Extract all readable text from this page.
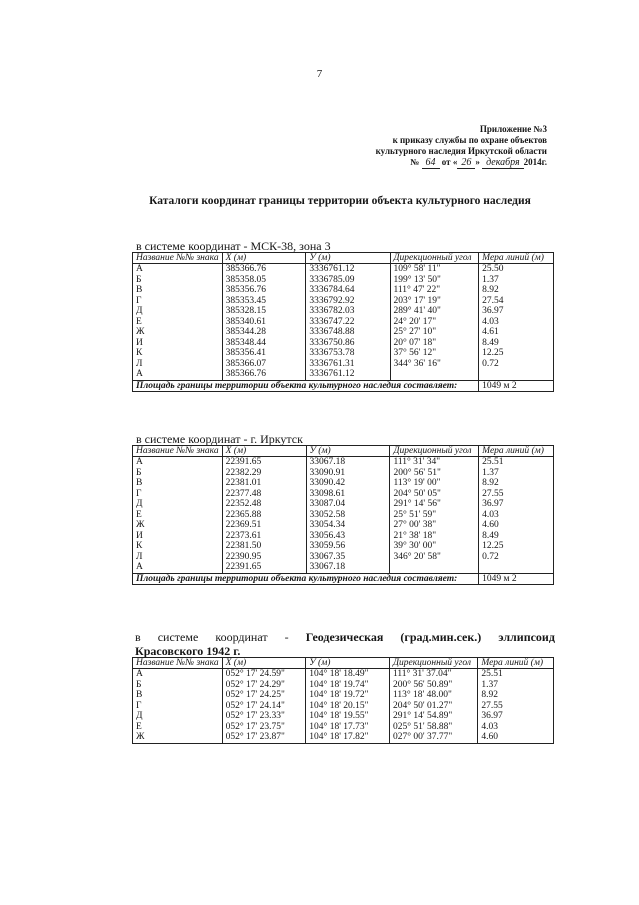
7
Приложение №3
к приказу службы по охране объектов
культурного наследия Иркутской области
№ 64 от « 26 » декабря 2014г.
Каталоги координат границы территории объекта культурного наследия
в системе координат - МСК-38, зона 3
Название №№ знака	X (м)	У (м)	Дирекционный угол	Мера линий (м)
А	385366.76	3336761.12	109° 58' 11"	25.50
Б	385358.05	3336785.09	199° 13' 50"	1.37
В	385356.76	3336784.64	111° 47' 22"	8.92
Г	385353.45	3336792.92	203° 17' 19"	27.54
Д	385328.15	3336782.03	289° 41' 40"	36.97
Е	385340.61	3336747.22	24° 20' 17"	4.03
Ж	385344.28	3336748.88	25° 27' 10"	4.61
И	385348.44	3336750.86	20° 07' 18"	8.49
К	385356.41	3336753.78	37° 56' 12"	12.25
Л	385366.07	3336761.31	344° 36' 16"	0.72
А	385366.76	3336761.12		
Площадь границы территории объекта культурного наследия составляет:				1049 м 2
в системе координат - г. Иркутск
Название №№ знака	X (м)	У (м)	Дирекционный угол	Мера линий (м)
А	22391.65	33067.18	111° 31' 34"	25.51
Б	22382.29	33090.91	200° 56' 51"	1.37
В	22381.01	33090.42	113° 19' 00"	8.92
Г	22377.48	33098.61	204° 50' 05"	27.55
Д	22352.48	33087.04	291° 14' 56"	36.97
Е	22365.88	33052.58	25° 51' 59"	4.03
Ж	22369.51	33054.34	27° 00' 38"	4.60
И	22373.61	33056.43	21° 38' 18"	8.49
К	22381.50	33059.56	39° 30' 00"	12.25
Л	22390.95	33067.35	346° 20' 58"	0.72
А	22391.65	33067.18		
Площадь границы территории объекта культурного наследия составляет:				1049 м 2
в системе координат - Геодезическая (град.мин.сек.) эллипсоид
Красовского 1942 г.
Название №№ знака	X (м)	У (м)	Дирекционный угол	Мера линий (м)
А	052° 17' 24.59"	104° 18' 18.49"	111° 31' 37.04"	25.51
Б	052° 17' 24.29"	104° 18' 19.74"	200° 56' 50.89"	1.37
В	052° 17' 24.25"	104° 18' 19.72"	113° 18' 48.00"	8.92
Г	052° 17' 24.14"	104° 18' 20.15"	204° 50' 01.27"	27.55
Д	052° 17' 23.33"	104° 18' 19.55"	291° 14' 54.89"	36.97
Е	052° 17' 23.75"	104° 18' 17.73"	025° 51' 58.88"	4.03
Ж	052° 17' 23.87"	104° 18' 17.82"	027° 00' 37.77"	4.60
